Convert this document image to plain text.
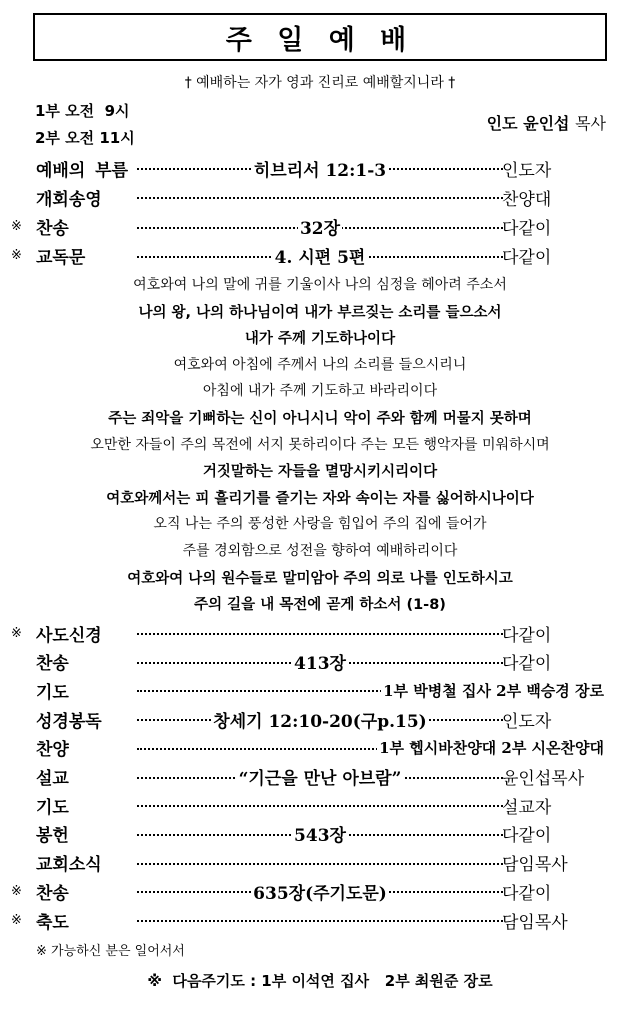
주 일 예 배
† 예배하는 자가 영과 진리로 예배할지니라 †
1부 오전  9시
2부 오전 11시
인도 윤인섭 목사
예배의 부름	히브리서 12:1-3	인도자
개회송영	찬양대
※ 찬송	32장	다같이
※ 교독문	4. 시편 5편	다같이
여호와여 나의 말에 귀를 기울이사 나의 심정을 헤아려 주소서
나의 왕, 나의 하나님이여 내가 부르짖는 소리를 들으소서
내가 주께 기도하나이다
여호와여 아침에 주께서 나의 소리를 들으시리니
아침에 내가 주께 기도하고 바라리이다
주는 죄악을 기뻐하는 신이 아니시니 악이 주와 함께 머물지 못하며
오만한 자들이 주의 목전에 서지 못하리이다 주는 모든 행악자를 미워하시며
거짓말하는 자들을 멸망시키시리이다
여호와께서는 피 흘리기를 즐기는 자와 속이는 자를 싫어하시나이다
오직 나는 주의 풍성한 사랑을 힘입어 주의 집에 들어가
주를 경외함으로 성전을 향하여 예배하리이다
여호와여 나의 원수들로 말미암아 주의 의로 나를 인도하시고
주의 길을 내 목전에 곧게 하소서 (1-8)
※ 사도신경	다같이
찬송	413장	다같이
기도	1부 박병철 집사 2부 백승경 장로
성경봉독	창세기 12:10-20(구p.15)	인도자
찬양	1부 헵시바찬양대 2부 시온찬양대
설교	“기근을 만난 아브람”	윤인섭목사
기도	설교자
봉헌	543장	다같이
교회소식	담임목사
※ 찬송	635장(주기도문)	다같이
※ 축도	담임목사
※ 가능하신 분은 일어서서
※  다음주기도 : 1부 이석연 집사   2부 최원준 장로
